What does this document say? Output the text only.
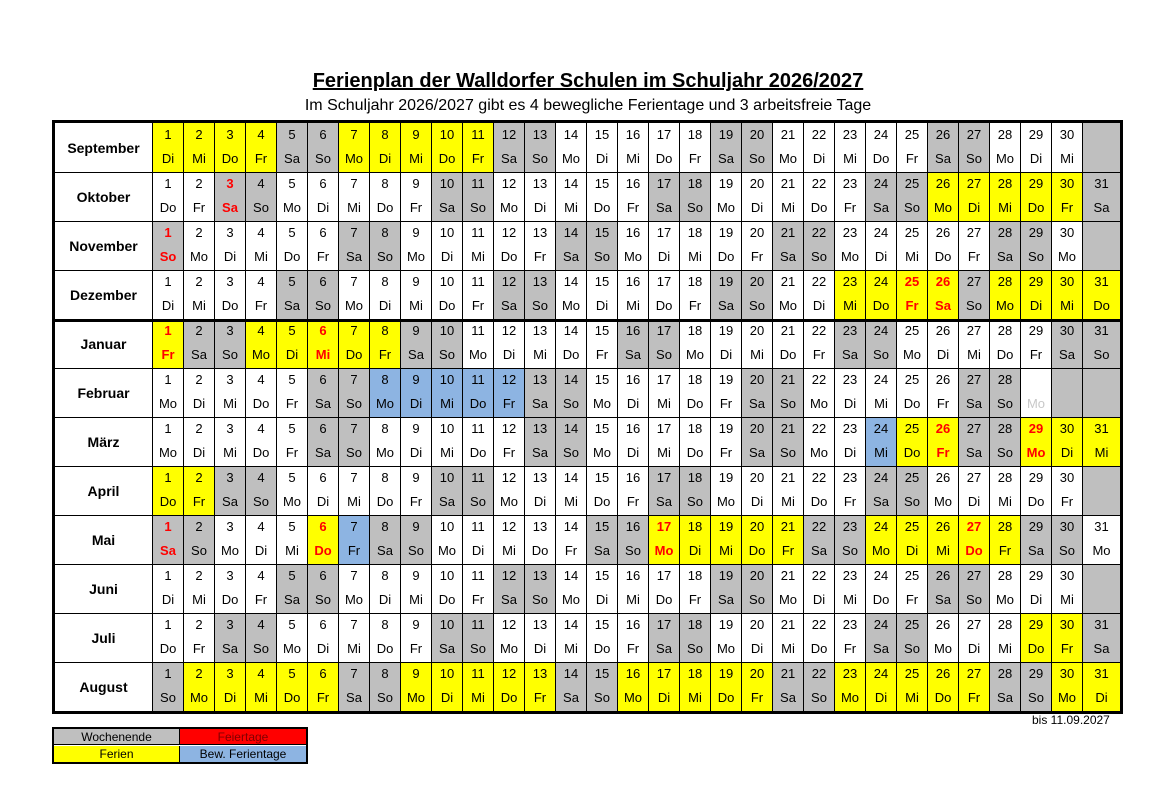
Ferienplan der Walldorfer Schulen im Schuljahr 2026/2027
Im Schuljahr 2026/2027 gibt es 4 bewegliche Ferientage und 3 arbeitsfreie Tage
September
1
Di
2
Mi
3
Do
4
Fr
5
Sa
6
So
7
Mo
8
Di
9
Mi
10
Do
11
Fr
12
Sa
13
So
14
Mo
15
Di
16
Mi
17
Do
18
Fr
19
Sa
20
So
21
Mo
22
Di
23
Mi
24
Do
25
Fr
26
Sa
27
So
28
Mo
29
Di
30
Mi
Oktober
1
Do
2
Fr
3
Sa
4
So
5
Mo
6
Di
7
Mi
8
Do
9
Fr
10
Sa
11
So
12
Mo
13
Di
14
Mi
15
Do
16
Fr
17
Sa
18
So
19
Mo
20
Di
21
Mi
22
Do
23
Fr
24
Sa
25
So
26
Mo
27
Di
28
Mi
29
Do
30
Fr
31
Sa
November
1
So
2
Mo
3
Di
4
Mi
5
Do
6
Fr
7
Sa
8
So
9
Mo
10
Di
11
Mi
12
Do
13
Fr
14
Sa
15
So
16
Mo
17
Di
18
Mi
19
Do
20
Fr
21
Sa
22
So
23
Mo
24
Di
25
Mi
26
Do
27
Fr
28
Sa
29
So
30
Mo
Dezember
1
Di
2
Mi
3
Do
4
Fr
5
Sa
6
So
7
Mo
8
Di
9
Mi
10
Do
11
Fr
12
Sa
13
So
14
Mo
15
Di
16
Mi
17
Do
18
Fr
19
Sa
20
So
21
Mo
22
Di
23
Mi
24
Do
25
Fr
26
Sa
27
So
28
Mo
29
Di
30
Mi
31
Do
Januar
1
Fr
2
Sa
3
So
4
Mo
5
Di
6
Mi
7
Do
8
Fr
9
Sa
10
So
11
Mo
12
Di
13
Mi
14
Do
15
Fr
16
Sa
17
So
18
Mo
19
Di
20
Mi
21
Do
22
Fr
23
Sa
24
So
25
Mo
26
Di
27
Mi
28
Do
29
Fr
30
Sa
31
So
Februar
1
Mo
2
Di
3
Mi
4
Do
5
Fr
6
Sa
7
So
8
Mo
9
Di
10
Mi
11
Do
12
Fr
13
Sa
14
So
15
Mo
16
Di
17
Mi
18
Do
19
Fr
20
Sa
21
So
22
Mo
23
Di
24
Mi
25
Do
26
Fr
27
Sa
28
So	Mo
März
1
Mo
2
Di
3
Mi
4
Do
5
Fr
6
Sa
7
So
8
Mo
9
Di
10
Mi
11
Do
12
Fr
13
Sa
14
So
15
Mo
16
Di
17
Mi
18
Do
19
Fr
20
Sa
21
So
22
Mo
23
Di
24
Mi
25
Do
26
Fr
27
Sa
28
So
29
Mo
30
Di
31
Mi
April
1
Do
2
Fr
3
Sa
4
So
5
Mo
6
Di
7
Mi
8
Do
9
Fr
10
Sa
11
So
12
Mo
13
Di
14
Mi
15
Do
16
Fr
17
Sa
18
So
19
Mo
20
Di
21
Mi
22
Do
23
Fr
24
Sa
25
So
26
Mo
27
Di
28
Mi
29
Do
30
Fr
Mai
1
Sa
2
So
3
Mo
4
Di
5
Mi
6
Do
7
Fr
8
Sa
9
So
10
Mo
11
Di
12
Mi
13
Do
14
Fr
15
Sa
16
So
17
Mo
18
Di
19
Mi
20
Do
21
Fr
22
Sa
23
So
24
Mo
25
Di
26
Mi
27
Do
28
Fr
29
Sa
30
So
31
Mo
Juni
1
Di
2
Mi
3
Do
4
Fr
5
Sa
6
So
7
Mo
8
Di
9
Mi
10
Do
11
Fr
12
Sa
13
So
14
Mo
15
Di
16
Mi
17
Do
18
Fr
19
Sa
20
So
21
Mo
22
Di
23
Mi
24
Do
25
Fr
26
Sa
27
So
28
Mo
29
Di
30
Mi
Juli
1
Do
2
Fr
3
Sa
4
So
5
Mo
6
Di
7
Mi
8
Do
9
Fr
10
Sa
11
So
12
Mo
13
Di
14
Mi
15
Do
16
Fr
17
Sa
18
So
19
Mo
20
Di
21
Mi
22
Do
23
Fr
24
Sa
25
So
26
Mo
27
Di
28
Mi
29
Do
30
Fr
31
Sa
August
1
So
2
Mo
3
Di
4
Mi
5
Do
6
Fr
7
Sa
8
So
9
Mo
10
Di
11
Mi
12
Do
13
Fr
14
Sa
15
So
16
Mo
17
Di
18
Mi
19
Do
20
Fr
21
Sa
22
So
23
Mo
24
Di
25
Mi
26
Do
27
Fr
28
Sa
29
So
30
Mo
31
Di
bis 11.09.2027
Wochenende	Feiertage
Ferien	Bew. Ferientage
